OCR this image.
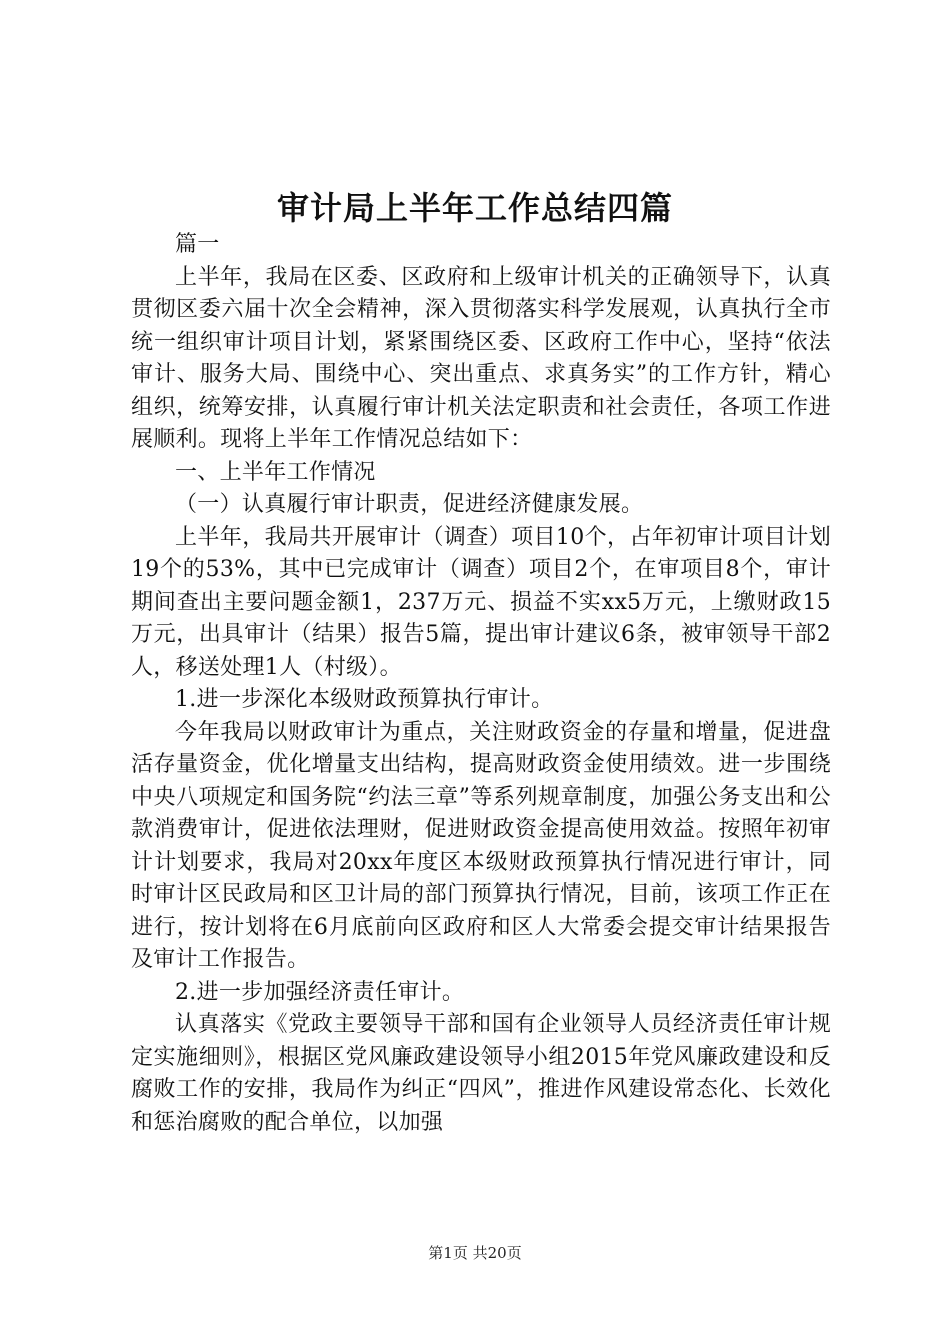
审计局上半年工作总结四篇

篇一

上半年，我局在区委、区政府和上级审计机关的正确领导下，认真贯彻区委六届十次全会精神，深入贯彻落实科学发展观，认真执行全市统一组织审计项目计划，紧紧围绕区委、区政府工作中心，坚持“依法审计、服务大局、围绕中心、突出重点、求真务实”的工作方针，精心组织，统筹安排，认真履行审计机关法定职责和社会责任，各项工作进展顺利。现将上半年工作情况总结如下：

一、上半年工作情况

（一）认真履行审计职责，促进经济健康发展。

上半年，我局共开展审计（调查）项目10个，占年初审计项目计划19个的53%，其中已完成审计（调查）项目2个，在审项目8个，审计期间查出主要问题金额1，237万元、损益不实xx5万元，上缴财政15万元，出具审计（结果）报告5篇，提出审计建议6条，被审领导干部2人，移送处理1人（村级）。

1.进一步深化本级财政预算执行审计。

今年我局以财政审计为重点，关注财政资金的存量和增量，促进盘活存量资金，优化增量支出结构，提高财政资金使用绩效。进一步围绕中央八项规定和国务院“约法三章”等系列规章制度，加强公务支出和公款消费审计，促进依法理财，促进财政资金提高使用效益。按照年初审计计划要求，我局对20xx年度区本级财政预算执行情况进行审计，同时审计区民政局和区卫计局的部门预算执行情况，目前，该项工作正在进行，按计划将在6月底前向区政府和区人大常委会提交审计结果报告及审计工作报告。

2.进一步加强经济责任审计。

认真落实《党政主要领导干部和国有企业领导人员经济责任审计规定实施细则》，根据区党风廉政建设领导小组2015年党风廉政建设和反腐败工作的安排，我局作为纠正“四风”，推进作风建设常态化、长效化和惩治腐败的配合单位，以加强

第1页 共20页
